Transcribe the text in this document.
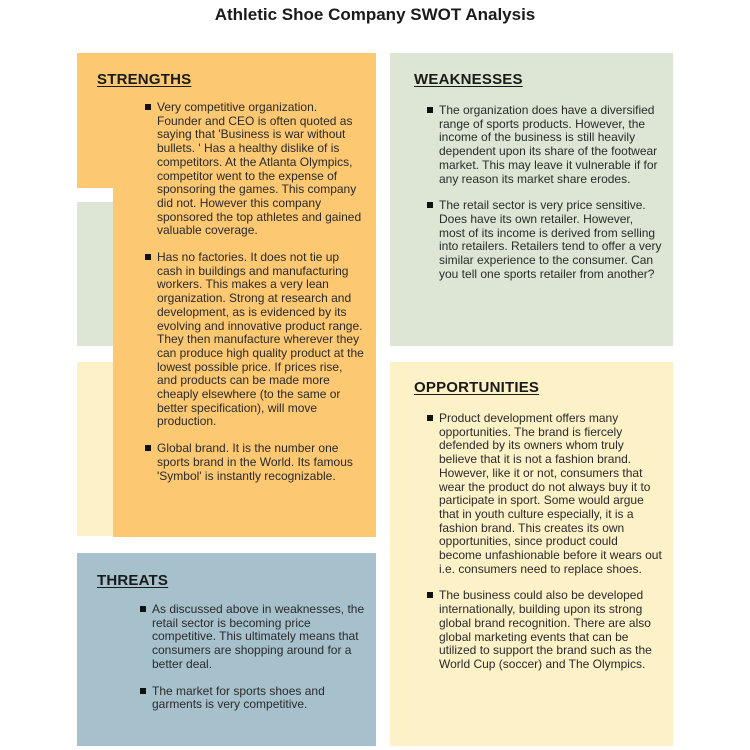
Athletic Shoe Company SWOT Analysis
WEAKNESSES
The organization does have a diversified range of sports products. However, the income of the business is still heavily dependent upon its share of the footwear market. This may leave it vulnerable if for any reason its market share erodes.
The retail sector is very price sensitive. Does have its own retailer. However, most of its income is derived from selling into retailers. Retailers tend to offer a very similar experience to the consumer. Can you tell one sports retailer from another?
OPPORTUNITIES
Product development offers many opportunities. The brand is fiercely defended by its owners whom truly believe that it is not a fashion brand. However, like it or not, consumers that wear the product do not always buy it to participate in sport. Some would argue that in youth culture especially, it is a fashion brand. This creates its own opportunities, since product could become unfashionable before it wears out i.e. consumers need to replace shoes.
The business could also be developed internationally, building upon its strong global brand recognition. There are also global marketing events that can be utilized to support the brand such as the World Cup (soccer) and The Olympics.
STRENGTHS
Very competitive organization. Founder and CEO is often quoted as saying that 'Business is war without bullets. ' Has a healthy dislike of is competitors. At the Atlanta Olympics, competitor went to the expense of sponsoring the games. This company did not. However this company sponsored the top athletes and gained valuable coverage.
Has no factories. It does not tie up cash in buildings and manufacturing workers. This makes a very lean organization. Strong at research and development, as is evidenced by its evolving and innovative product range. They then manufacture wherever they can produce high quality product at the lowest possible price. If prices rise, and products can be made more cheaply elsewhere (to the same or better specification), will move production.
Global brand. It is the number one sports brand in the World. Its famous 'Symbol' is instantly recognizable.
THREATS
As discussed above in weaknesses, the retail sector is becoming price competitive. This ultimately means that consumers are shopping around for a better deal.
The market for sports shoes and garments is very competitive.
